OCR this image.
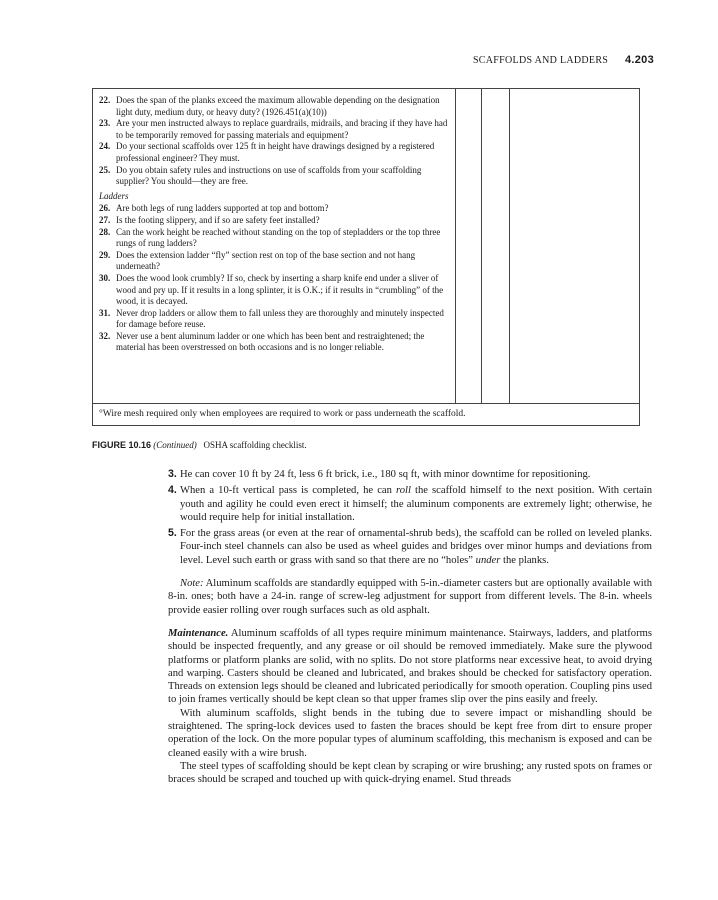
SCAFFOLDS AND LADDERS 4.203
22. Does the span of the planks exceed the maximum allowable depending on the designation light duty, medium duty, or heavy duty? (1926.451(a)(10))
23. Are your men instructed always to replace guardrails, midrails, and bracing if they have had to be temporarily removed for passing materials and equipment?
24. Do your sectional scaffolds over 125 ft in height have drawings designed by a registered professional engineer? They must.
25. Do you obtain safety rules and instructions on use of scaffolds from your scaffolding supplier? You should—they are free.
Ladders
26. Are both legs of rung ladders supported at top and bottom?
27. Is the footing slippery, and if so are safety feet installed?
28. Can the work height be reached without standing on the top of stepladders or the top three rungs of rung ladders?
29. Does the extension ladder “fly” section rest on top of the base section and not hang underneath?
30. Does the wood look crumbly? If so, check by inserting a sharp knife end under a sliver of wood and pry up. If it results in a long splinter, it is O.K.; if it results in “crumbling” of the wood, it is decayed.
31. Never drop ladders or allow them to fall unless they are thoroughly and minutely inspected for damage before reuse.
32. Never use a bent aluminum ladder or one which has been bent and restraightened; the material has been overstressed on both occasions and is no longer reliable.
°Wire mesh required only when employees are required to work or pass underneath the scaffold.
FIGURE 10.16 (Continued) OSHA scaffolding checklist.
3. He can cover 10 ft by 24 ft, less 6 ft brick, i.e., 180 sq ft, with minor downtime for repositioning.
4. When a 10-ft vertical pass is completed, he can roll the scaffold himself to the next position. With certain youth and agility he could even erect it himself; the aluminum components are extremely light; otherwise, he would require help for initial installation.
5. For the grass areas (or even at the rear of ornamental-shrub beds), the scaffold can be rolled on leveled planks. Four-inch steel channels can also be used as wheel guides and bridges over minor humps and deviations from level. Level such earth or grass with sand so that there are no “holes” under the planks.

Note: Aluminum scaffolds are standardly equipped with 5-in.-diameter casters but are optionally available with 8-in. ones; both have a 24-in. range of screw-leg adjustment for support from different levels. The 8-in. wheels provide easier rolling over rough surfaces such as old asphalt.

Maintenance. Aluminum scaffolds of all types require minimum maintenance. Stairways, ladders, and platforms should be inspected frequently, and any grease or oil should be removed immediately. Make sure the plywood platforms or platform planks are solid, with no splits. Do not store platforms near excessive heat, to avoid drying and warping. Casters should be cleaned and lubricated, and brakes should be checked for satisfactory operation. Threads on extension legs should be cleaned and lubricated periodically for smooth operation. Coupling pins used to join frames vertically should be kept clean so that upper frames slip over the pins easily and freely.

With aluminum scaffolds, slight bends in the tubing due to severe impact or mishandling should be straightened. The spring-lock devices used to fasten the braces should be kept free from dirt to ensure proper operation of the lock. On the more popular types of aluminum scaffolding, this mechanism is exposed and can be cleaned easily with a wire brush.

The steel types of scaffolding should be kept clean by scraping or wire brushing; any rusted spots on frames or braces should be scraped and touched up with quick-drying enamel. Stud threads
